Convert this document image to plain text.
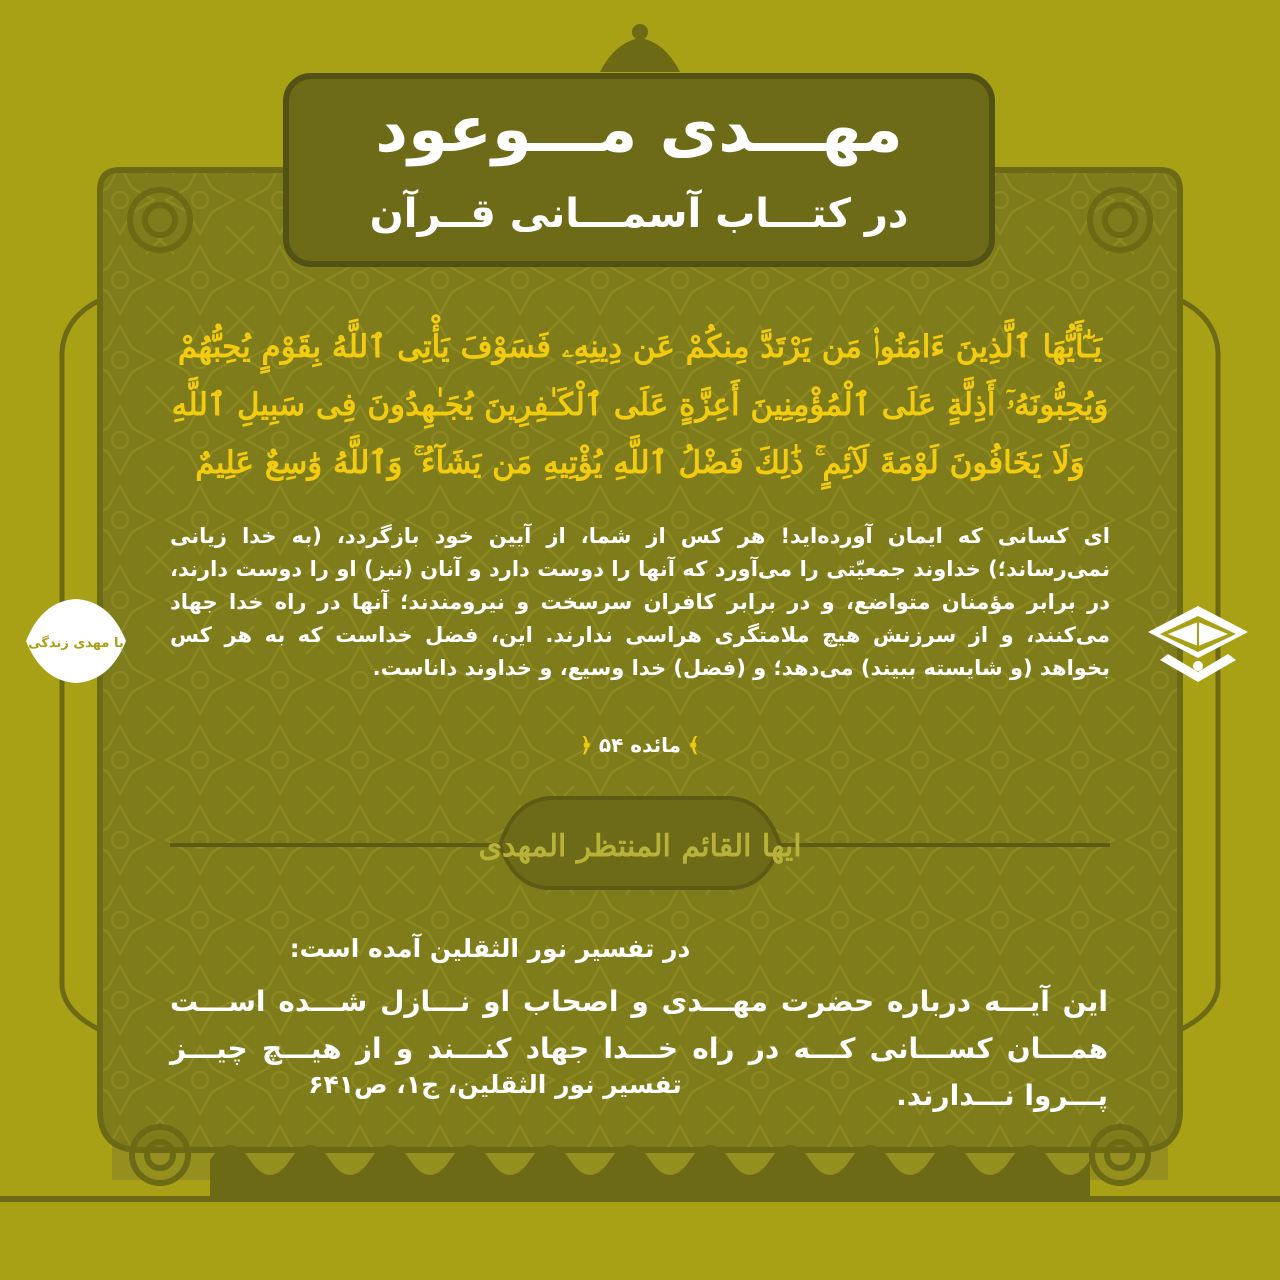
مهـــدی مـــوعود
در کتـــاب آسمـــانی قــرآن
يَـٰٓأَيُّهَا ٱلَّذِينَ ءَامَنُوا۟ مَن يَرْتَدَّ مِنكُمْ عَن دِينِهِۦ فَسَوْفَ يَأْتِى ٱللَّهُ بِقَوْمٍ يُحِبُّهُمْ وَيُحِبُّونَهُۥٓ أَذِلَّةٍ عَلَى ٱلْمُؤْمِنِينَ أَعِزَّةٍ عَلَى ٱلْكَـٰفِرِينَ يُجَـٰهِدُونَ فِى سَبِيلِ ٱللَّهِ وَلَا يَخَافُونَ لَوْمَةَ لَآئِمٍ ۚ ذَٰلِكَ فَضْلُ ٱللَّهِ يُؤْتِيهِ مَن يَشَآءُ ۚ وَٱللَّهُ وَٰسِعٌ عَلِيمٌ
ای کسانی که ایمان آورده‌اید! هر کس از شما، از آیین خود بازگردد، (به خدا زیانی نمی‌رساند؛) خداوند جمعیّتی را می‌آورد که آنها را دوست دارد و آنان (نیز) او را دوست دارند، در برابر مؤمنان متواضع، و در برابر کافران سرسخت و نیرومندند؛ آنها در راه خدا جهاد می‌کنند، و از سرزنش هیچ ملامتگری هراسی ندارند. این، فضل خداست که به هر کس بخواهد (و شایسته ببیند) می‌دهد؛ و (فضل) خدا وسیع، و خداوند داناست.
﴾ مائده ۵۴ ﴿
ایها القائم المنتظر المهدی
در تفسیر نور الثقلین آمده است:
این آیـــه درباره حضرت مهـــدی و اصحاب او نـــازل شـــده اســـت همـــان کســـانی کـــه در راه خـــدا جهاد کنـــند و از هیـــچ چیـــز پـــروا نـــدارند.
تفسیر نور الثقلین، ج۱، ص۶۴۱
با مهدی زندگی
